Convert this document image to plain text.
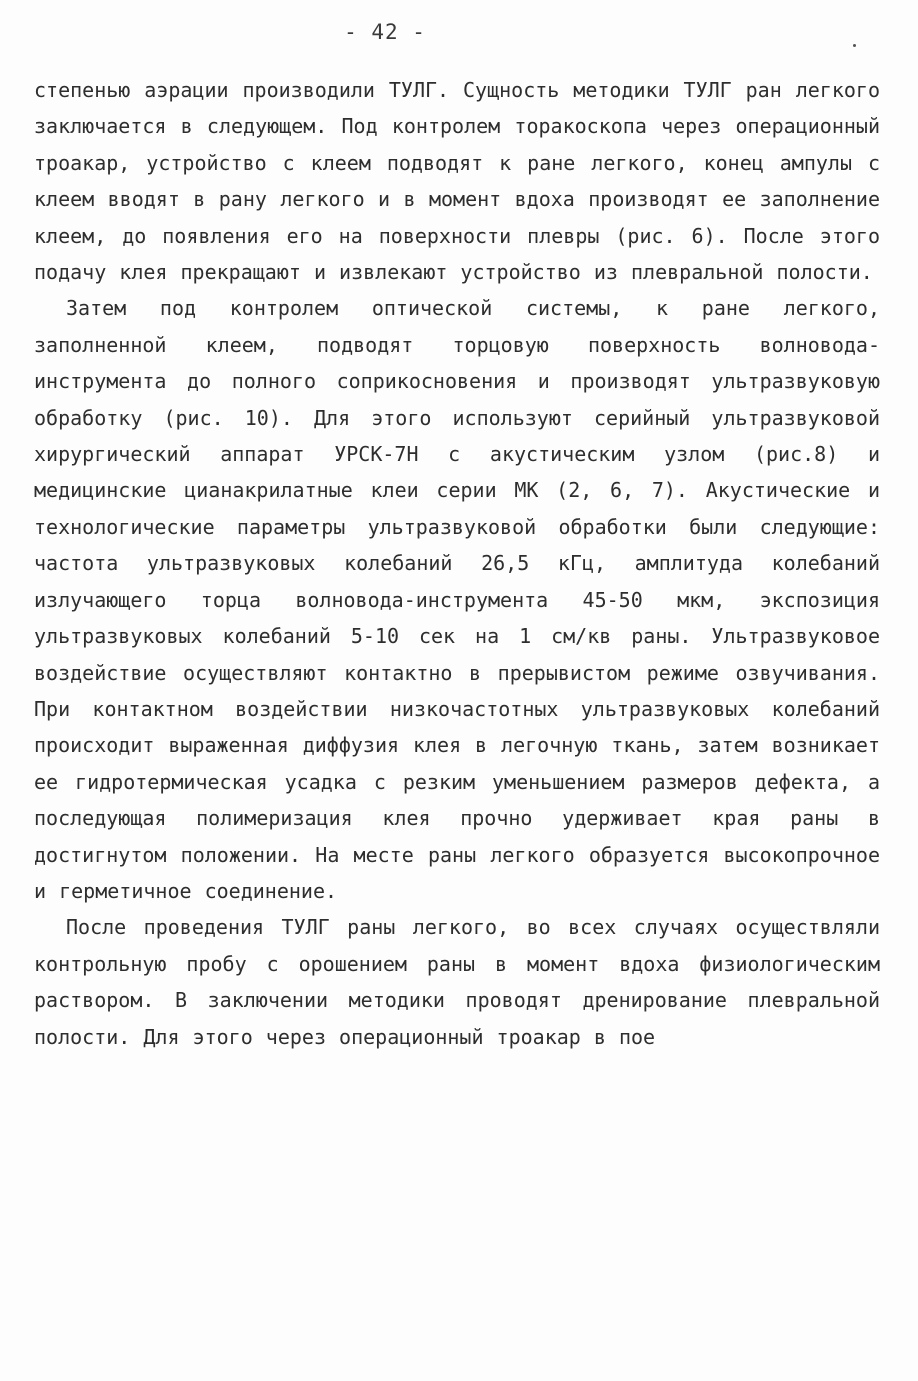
- 42 -

степенью аэрации производили ТУЛГ. Сущность методики ТУЛГ ран легкого заключается в следующем. Под контролем торакоскопа через операционный троакар, устройство с клеем подводят к ране легкого, конец ампулы с клеем вводят в рану легкого и в момент вдоха производят ее заполнение клеем, до появления его на поверхности плевры (рис. 6). После этого подачу клея прекращают и извлекают устройство из плевральной полости.

Затем под контролем оптической системы, к ране легкого, заполненной клеем, подводят торцовую поверхность волновода-инструмента до полного соприкосновения и производят ультразвуковую обработку (рис. 10). Для этого используют серийный ультразвуковой хирургический аппарат УРСК-7Н с акустическим узлом (рис.8) и медицинские цианакрилатные клеи серии МК (2, 6, 7). Акустические и технологические параметры ультразвуковой обработки были следующие: частота ультразвуковых колебаний 26,5 кГц, амплитуда колебаний излучающего торца волновода-инструмента 45-50 мкм, экспозиция ультразвуковых колебаний 5-10 сек на 1 см/кв раны. Ультразвуковое воздействие осуществляют контактно в прерывистом режиме озвучивания. При контактном воздействии низкочастотных ультразвуковых колебаний происходит выраженная диффузия клея в легочную ткань, затем возникает ее гидротермическая усадка с резким уменьшением размеров дефекта, а последующая полимеризация клея прочно удерживает края раны в достигнутом положении. На месте раны легкого образуется высокопрочное и герметичное соединение.

После проведения ТУЛГ раны легкого, во всех случаях осуществляли контрольную пробу с орошением раны в момент вдоха физиологическим раствором. В заключении методики проводят дренирование плевральной полости. Для этого через операционный троакар в пое
